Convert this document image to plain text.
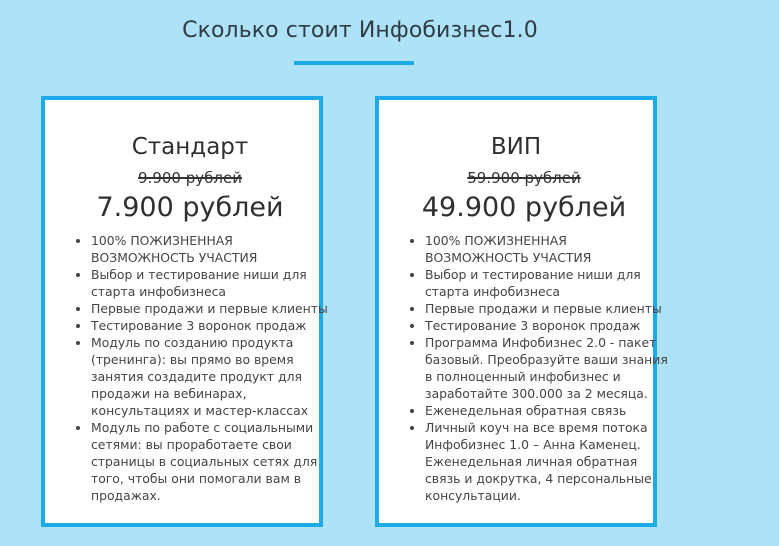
Сколько стоит Инфобизнес1.0
Стандарт
9.900 рублей
7.900 рублей
• 100% ПОЖИЗНЕННАЯ ВОЗМОЖНОСТЬ УЧАСТИЯ
• Выбор и тестирование ниши для старта инфобизнеса
• Первые продажи и первые клиенты
• Тестирование 3 воронок продаж
• Модуль по созданию продукта (тренинга): вы прямо во время занятия создадите продукт для продажи на вебинарах, консультациях и мастер-классах
• Модуль по работе с социальными сетями: вы проработаете свои страницы в социальных сетях для того, чтобы они помогали вам в продажах.
ВИП
59.900 рублей
49.900 рублей
• 100% ПОЖИЗНЕННАЯ ВОЗМОЖНОСТЬ УЧАСТИЯ
• Выбор и тестирование ниши для старта инфобизнеса
• Первые продажи и первые клиенты
• Тестирование 3 воронок продаж
• Программа Инфобизнес 2.0 - пакет базовый. Преобразуйте ваши знания в полноценный инфобизнес и заработайте 300.000 за 2 месяца.
• Еженедельная обратная связь
• Личный коуч на все время потока Инфобизнес 1.0 – Анна Каменец. Еженедельная личная обратная связь и докрутка, 4 персональные консультации.
